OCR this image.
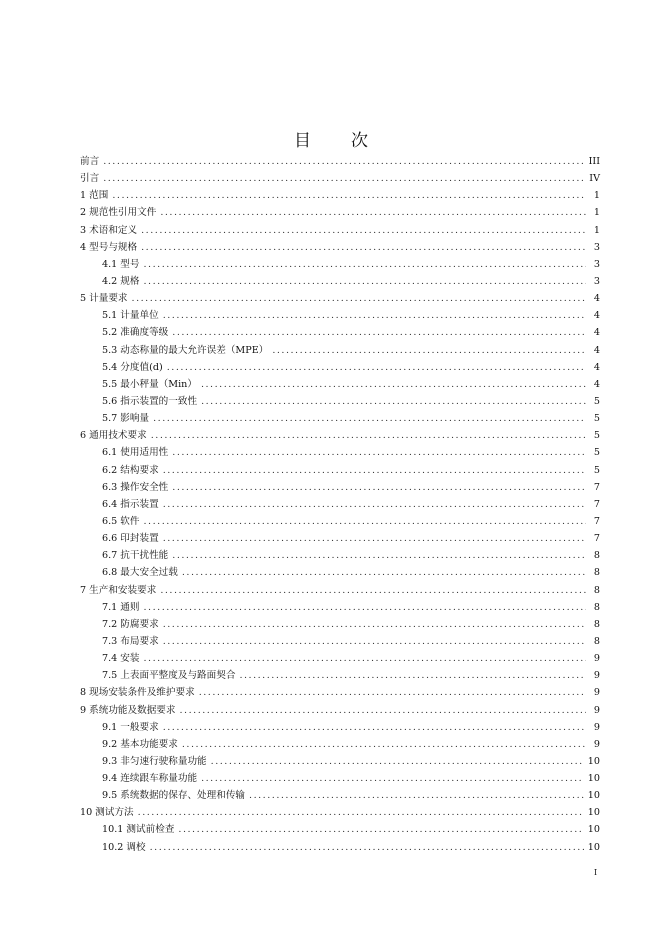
目 次
前言 .....	III
引言 .....	IV
1 范围 .....	1
2 规范性引用文件 .....	1
3 术语和定义 .....	1
4 型号与规格 .....	3
4.1 型号 .....	3
4.2 规格 .....	3
5 计量要求 .....	4
5.1 计量单位 .....	4
5.2 准确度等级 .....	4
5.3 动态称量的最大允许误差（MPE） .....	4
5.4 分度值(d) .....	4
5.5 最小秤量（Min） .....	4
5.6 指示装置的一致性 .....	5
5.7 影响量 .....	5
6 通用技术要求 .....	5
6.1 使用适用性 .....	5
6.2 结构要求 .....	5
6.3 操作安全性 .....	7
6.4 指示装置 .....	7
6.5 软件 .....	7
6.6 印封装置 .....	7
6.7 抗干扰性能 .....	8
6.8 最大安全过载 .....	8
7 生产和安装要求 .....	8
7.1 通则 .....	8
7.2 防腐要求 .....	8
7.3 布局要求 .....	8
7.4 安装 .....	9
7.5 上表面平整度及与路面契合 .....	9
8 现场安装条件及维护要求 .....	9
9 系统功能及数据要求 .....	9
9.1 一般要求 .....	9
9.2 基本功能要求 .....	9
9.3 非匀速行驶称量功能 .....	10
9.4 连续跟车称量功能 .....	10
9.5 系统数据的保存、处理和传输 .....	10
10 测试方法 .....	10
10.1 测试前检查 .....	10
10.2 调校 .....	10
I
